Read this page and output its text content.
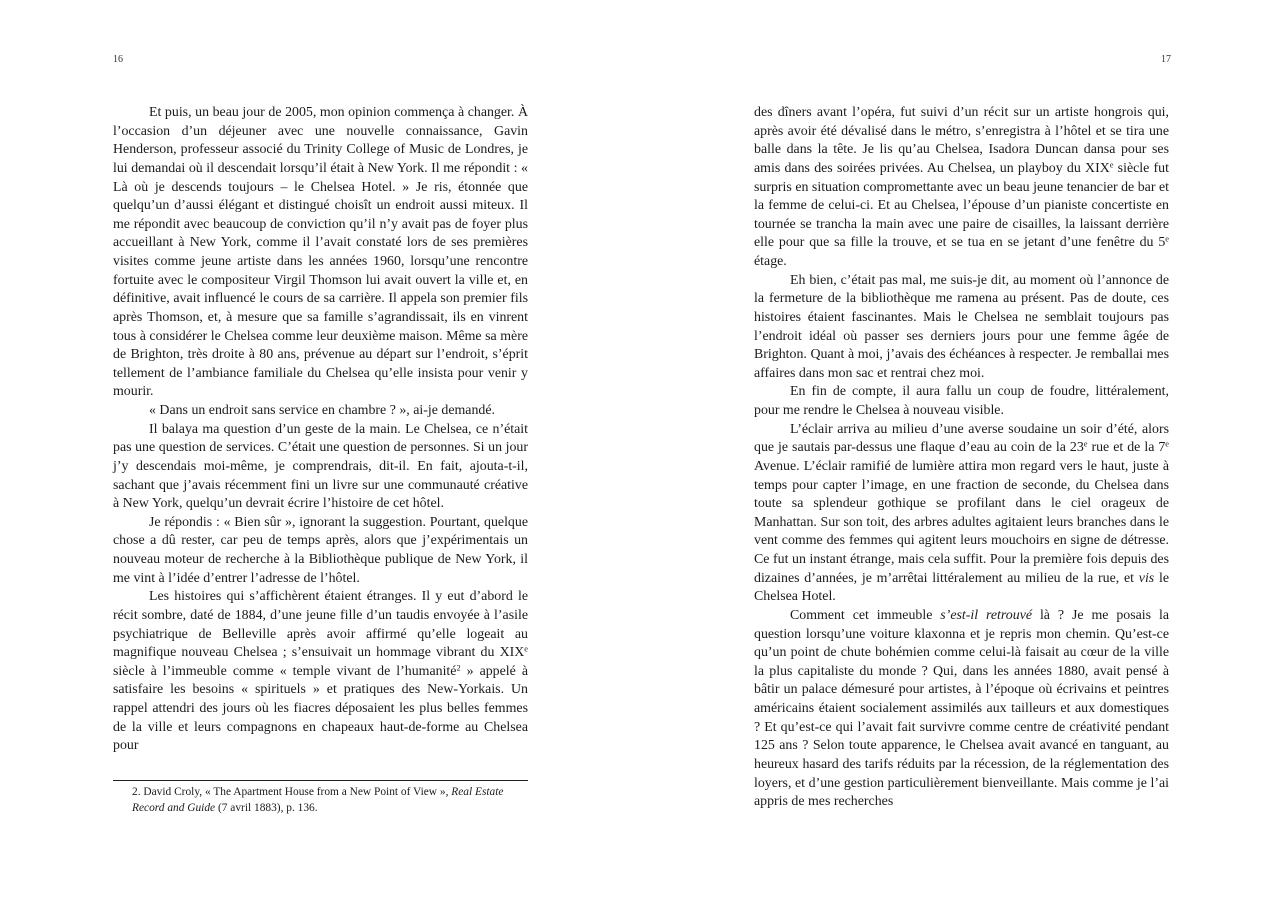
16

Et puis, un beau jour de 2005, mon opinion commença à changer. À l’occasion d’un déjeuner avec une nouvelle connaissance, Gavin Henderson, professeur associé du Trinity College of Music de Londres, je lui demandai où il descendait lorsqu’il était à New York. Il me répondit : « Là où je descends toujours – le Chelsea Hotel. » Je ris, étonnée que quelqu’un d’aussi élégant et distingué choisît un endroit aussi miteux. Il me répondit avec beaucoup de conviction qu’il n’y avait pas de foyer plus accueillant à New York, comme il l’avait constaté lors de ses premières visites comme jeune artiste dans les années 1960, lorsqu’une rencontre fortuite avec le compositeur Virgil Thomson lui avait ouvert la ville et, en définitive, avait influencé le cours de sa carrière. Il appela son premier fils après Thomson, et, à mesure que sa famille s’agrandissait, ils en vinrent tous à considérer le Chelsea comme leur deuxième maison. Même sa mère de Brighton, très droite à 80 ans, prévenue au départ sur l’endroit, s’éprit tellement de l’ambiance familiale du Chelsea qu’elle insista pour venir y mourir.

« Dans un endroit sans service en chambre ? », ai-je demandé.

Il balaya ma question d’un geste de la main. Le Chelsea, ce n’était pas une question de services. C’était une question de personnes. Si un jour j’y descendais moi-même, je comprendrais, dit-il. En fait, ajouta-t-il, sachant que j’avais récemment fini un livre sur une communauté créative à New York, quelqu’un devrait écrire l’histoire de cet hôtel.

Je répondis : « Bien sûr », ignorant la suggestion. Pourtant, quelque chose a dû rester, car peu de temps après, alors que j’expérimentais un nouveau moteur de recherche à la Bibliothèque publique de New York, il me vint à l’idée d’entrer l’adresse de l’hôtel.

Les histoires qui s’affichèrent étaient étranges. Il y eut d’abord le récit sombre, daté de 1884, d’une jeune fille d’un taudis envoyée à l’asile psychiatrique de Belleville après avoir affirmé qu’elle logeait au magnifique nouveau Chelsea ; s’ensuivait un hommage vibrant du XIXe siècle à l’immeuble comme « temple vivant de l’humanité$^2$ » appelé à satisfaire les besoins « spirituels » et pratiques des New-Yorkais. Un rappel attendri des jours où les fiacres déposaient les plus belles femmes de la ville et leurs compagnons en chapeaux haut-de-forme au Chelsea pour

2. David Croly, « The Apartment House from a New Point of View », Real Estate Record and Guide (7 avril 1883), p. 136.
17

des dîners avant l’opéra, fut suivi d’un récit sur un artiste hongrois qui, après avoir été dévalisé dans le métro, s’enregistra à l’hôtel et se tira une balle dans la tête. Je lis qu’au Chelsea, Isadora Duncan dansa pour ses amis dans des soirées privées. Au Chelsea, un playboy du XIXe siècle fut surpris en situation compromettante avec un beau jeune tenancier de bar et la femme de celui-ci. Et au Chelsea, l’épouse d’un pianiste concertiste en tournée se trancha la main avec une paire de cisailles, la laissant derrière elle pour que sa fille la trouve, et se tua en se jetant d’une fenêtre du 5e étage.

Eh bien, c’était pas mal, me suis-je dit, au moment où l’annonce de la fermeture de la bibliothèque me ramena au présent. Pas de doute, ces histoires étaient fascinantes. Mais le Chelsea ne semblait toujours pas l’endroit idéal où passer ses derniers jours pour une femme âgée de Brighton. Quant à moi, j’avais des échéances à respecter. Je remballai mes affaires dans mon sac et rentrai chez moi.

En fin de compte, il aura fallu un coup de foudre, littéralement, pour me rendre le Chelsea à nouveau visible.

L’éclair arriva au milieu d’une averse soudaine un soir d’été, alors que je sautais par-dessus une flaque d’eau au coin de la 23e rue et de la 7e Avenue. L’éclair ramifié de lumière attira mon regard vers le haut, juste à temps pour capter l’image, en une fraction de seconde, du Chelsea dans toute sa splendeur gothique se profilant dans le ciel orageux de Manhattan. Sur son toit, des arbres adultes agitaient leurs branches dans le vent comme des femmes qui agitent leurs mouchoirs en signe de détresse. Ce fut un instant étrange, mais cela suffit. Pour la première fois depuis des dizaines d’années, je m’arrêtai littéralement au milieu de la rue, et vis le Chelsea Hotel.

Comment cet immeuble s’est-il retrouvé là ? Je me posais la question lorsqu’une voiture klaxonna et je repris mon chemin. Qu’est-ce qu’un point de chute bohémien comme celui-là faisait au cœur de la ville la plus capitaliste du monde ? Qui, dans les années 1880, avait pensé à bâtir un palace démesuré pour artistes, à l’époque où écrivains et peintres américains étaient socialement assimilés aux tailleurs et aux domestiques ? Et qu’est-ce qui l’avait fait survivre comme centre de créativité pendant 125 ans ? Selon toute apparence, le Chelsea avait avancé en tanguant, au heureux hasard des tarifs réduits par la récession, de la réglementation des loyers, et d’une gestion particulièrement bienveillante. Mais comme je l’ai appris de mes recherches
